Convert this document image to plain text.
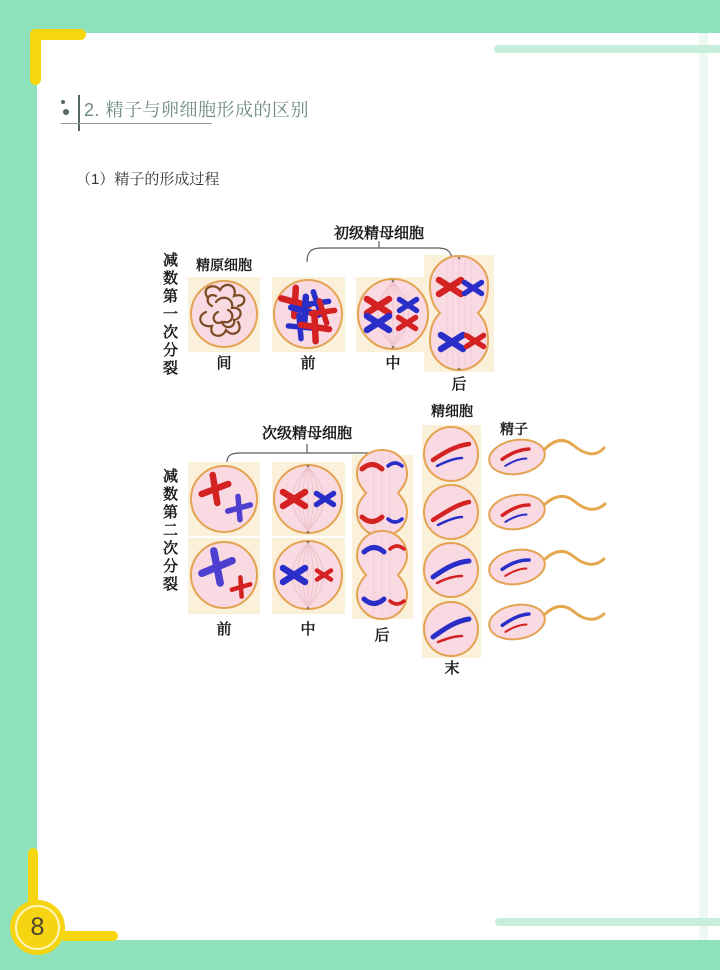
8
2. 精子与卵细胞形成的区别
（1）精子的形成过程
减数第一次分裂
减数第二次分裂
精原细胞
初级精母细胞
间	前	中
后
次级精母细胞
精细胞
精子
前	中	后
末
